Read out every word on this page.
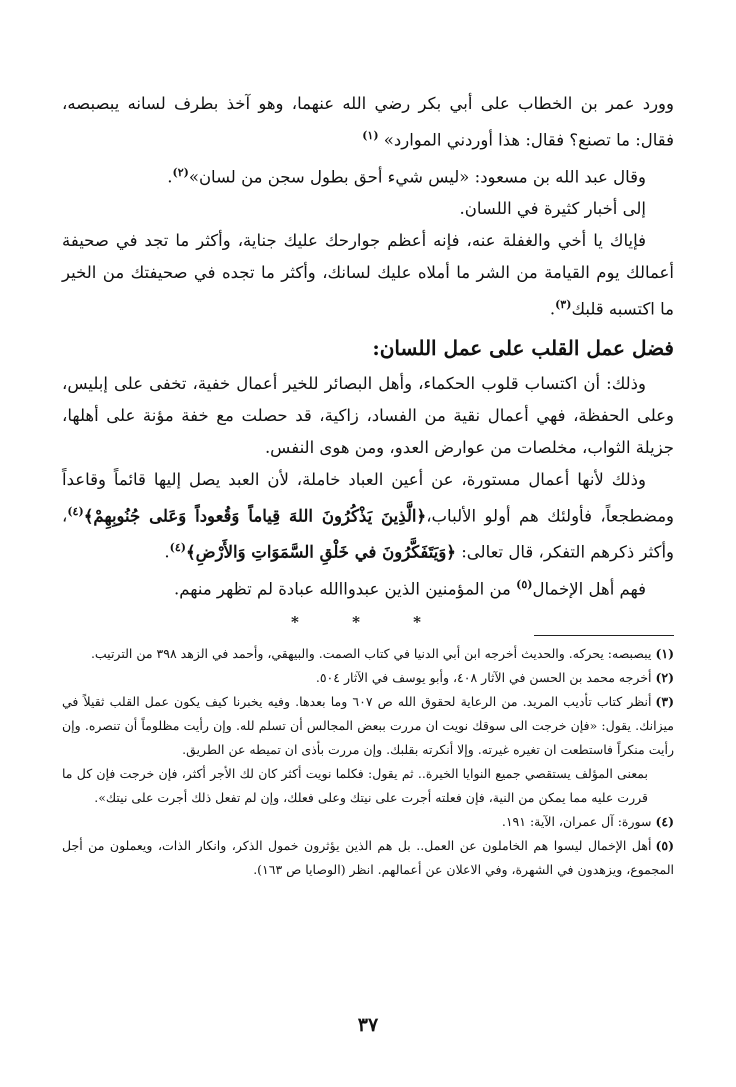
وورد عمر بن الخطاب على أبي بكر رضي الله عنهما، وهو آخذ بطرف لسانه يبصبصه، فقال: ما تصنع؟ فقال: هذا أوردني الموارد» $^{(١)}$

وقال عبد الله بن مسعود: «ليس شيء أحق بطول سجن من لسان»$^{(٢)}$.

إلى أخبار كثيرة في اللسان.

فإياك يا أخي والغفلة عنه، فإنه أعظم جوارحك عليك جناية، وأكثر ما تجد في صحيفة أعمالك يوم القيامة من الشر ما أملاه عليك لسانك، وأكثر ما تجده في صحيفتك من الخير ما اكتسبه قلبك$^{(٣)}$.

فضل عمل القلب على عمل اللسان:

وذلك: أن اكتساب قلوب الحكماء، وأهل البصائر للخير أعمال خفية، تخفى على إبليس، وعلى الحفظة، فهي أعمال نقية من الفساد، زاكية، قد حصلت مع خفة مؤنة على أهلها، جزيلة الثواب، مخلصات من عوارض العدو، ومن هوى النفس.

وذلك لأنها أعمال مستورة، عن أعين العباد خاملة، لأن العبد يصل إليها قائماً وقاعداً ومضطجعاً، فأولئك هم أولو الألباب،﴿الَّذِينَ يَذْكُرُونَ اللهَ قِياماً وَقُعوداً وَعَلى جُنُوبِهِمْ﴾$^{(٤)}$، وأكثر ذكرهم التفكر، قال تعالى: ﴿وَيَتَفَكَّرُونَ في خَلْقِ السَّمَوَاتِ وَالأَرْضِ﴾$^{(٤)}$.

فهم أهل الإخمال$^{(٥)}$ من المؤمنين الذين عبدواالله عبادة لم تظهر منهم.

* * *

(١)يبصبصه: يحركه. والحديث أخرجه ابن أبي الدنيا في كتاب الصمت. والبيهقي، وأحمد في الزهد ٣٩٨ من الترتيب.

(٢)أخرجه محمد بن الحسن في الآثار ٤٠٨، وأبو يوسف في الآثار ٥٠٤.

(٣)أنظر كتاب تأديب المريد. من الرعاية لحقوق الله ص ٦٠٧ وما بعدها. وفيه يخبرنا كيف يكون عمل القلب ثقيلاً في ميزانك. يقول: «فإن خرجت الى سوقك نويت ان مررت ببعض المجالس أن تسلم لله. وإن رأيت مظلوماً أن تنصره. وإن رأيت منكراً فاستطعت ان تغيره غيرته. وإلا أنكرته بقلبك. وإن مررت بأذى ان تميطه عن الطريق.

بمعنى المؤلف يستقصي جميع النوايا الخيرة.. ثم يقول: فكلما نويت أكثر كان لك الأجر أكثر، فإن خرجت فإن كل ما قررت عليه مما يمكن من النية، فإن فعلته أجرت على نيتك وعلى فعلك، وإن لم تفعل ذلك أجرت على نيتك».

(٤)سورة: آل عمران، الآية: ١٩١.

(٥)أهل الإخمال ليسوا هم الخاملون عن العمل.. بل هم الذين يؤثرون خمول الذكر، وانكار الذات، ويعملون من أجل المجموع، ويزهدون في الشهرة، وفي الاعلان عن أعمالهم. انظر (الوصايا ص ١٦٣).

٣٧
